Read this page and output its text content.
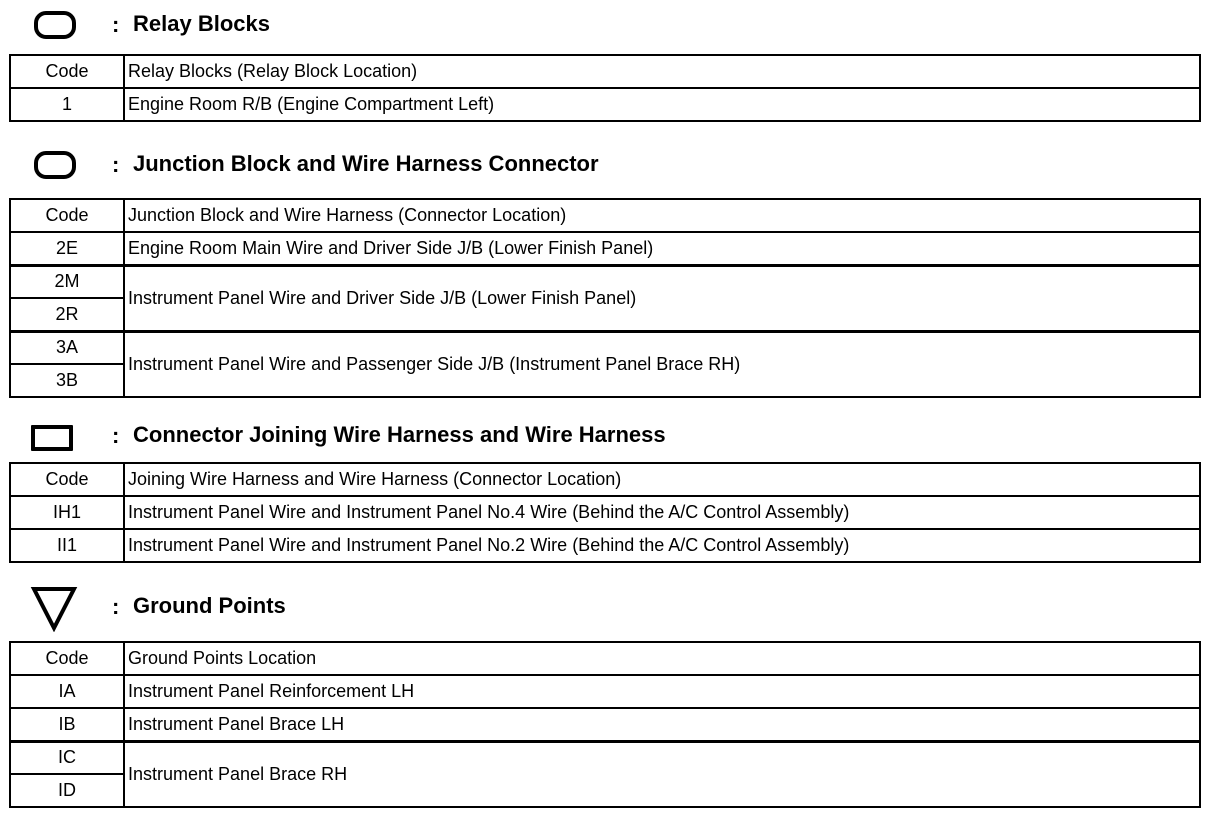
: Relay Blocks
Code	Relay Blocks (Relay Block Location)
1	Engine Room R/B (Engine Compartment Left)
: Junction Block and Wire Harness Connector
Code	Junction Block and Wire Harness (Connector Location)
2E	Engine Room Main Wire and Driver Side J/B (Lower Finish Panel)
2M	Instrument Panel Wire and Driver Side J/B (Lower Finish Panel)
2R	
3A	Instrument Panel Wire and Passenger Side J/B (Instrument Panel Brace RH)
3B	
: Connector Joining Wire Harness and Wire Harness
Code	Joining Wire Harness and Wire Harness (Connector Location)
IH1	Instrument Panel Wire and Instrument Panel No.4 Wire (Behind the A/C Control Assembly)
II1	Instrument Panel Wire and Instrument Panel No.2 Wire (Behind the A/C Control Assembly)
: Ground Points
Code	Ground Points Location
IA	Instrument Panel Reinforcement LH
IB	Instrument Panel Brace LH
IC	Instrument Panel Brace RH
ID	
